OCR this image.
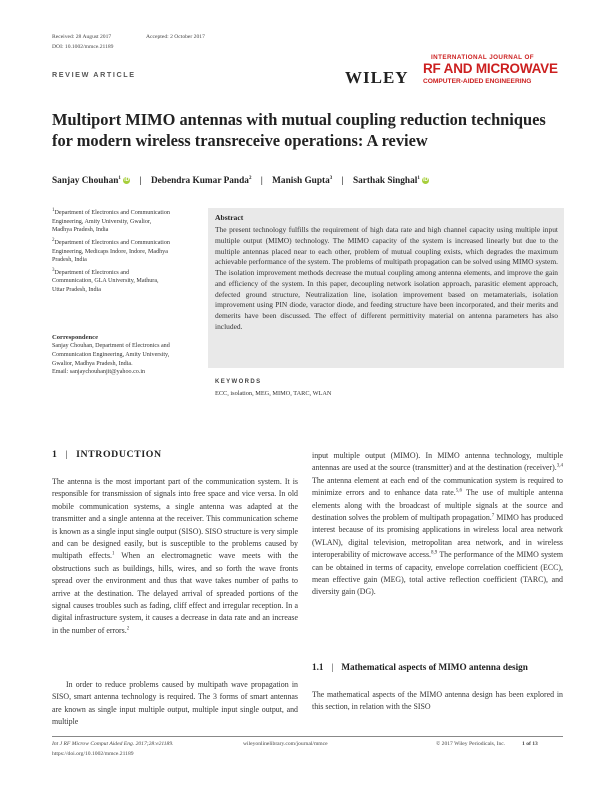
Received: 28 August 2017	Accepted: 2 October 2017
DOI: 10.1002/mmce.21189
REVIEW ARTICLE	WILEY
INTERNATIONAL JOURNAL OF
RF AND MICROWAVE
COMPUTER-AIDED ENGINEERING
Multiport MIMO antennas with mutual coupling reduction techniques for modern wireless transreceive operations: A review
Sanjay Chouhan$^1$ iD | Debendra Kumar Panda$^2$ | Manish Gupta$^3$ | Sarthak Singhal$^1$ iD
$^1$Department of Electronics and Communication Engineering, Amity University, Gwalior, Madhya Pradesh, India
$^2$Department of Electronics and Communication Engineering, Medicaps Indore, Indore, Madhya Pradesh, India
$^3$Department of Electronics and Communication, GLA University, Mathura, Uttar Pradesh, India
Correspondence
Sanjay Chouhan, Department of Electronics and Communication Engineering, Amity University, Gwalior, Madhya Pradesh, India.
Email: sanjaychouhanjit@yahoo.co.in
Abstract
The present technology fulfills the requirement of high data rate and high channel capacity using multiple input multiple output (MIMO) technology. The MIMO capacity of the system is increased linearly but due to the multiple antennas placed near to each other, problem of mutual coupling exists, which degrades the maximum achievable performance of the system. The problems of multipath propagation can be solved using MIMO system. The isolation improvement methods decrease the mutual coupling among antenna elements, and improve the gain and efficiency of the system. In this paper, decoupling network isolation approach, parasitic element approach, defected ground structure, Neutralization line, isolation improvement based on metamaterials, isolation improvement using PIN diode, varactor diode, and feeding structure have been incorporated, and their merits and demerits have been discussed. The effect of different permittivity material on antenna parameters has also included.
KEYWORDS
ECC, isolation, MEG, MIMO, TARC, WLAN
1 | INTRODUCTION
The antenna is the most important part of the communication system. It is responsible for transmission of signals into free space and vice versa. In old mobile communication systems, a single antenna was adapted at the transmitter and a single antenna at the receiver. This communication scheme is known as a single input single output (SISO). SISO structure is very simple and can be designed easily, but is susceptible to the problems caused by multipath effects.$^1$ When an electromagnetic wave meets with the obstructions such as buildings, hills, wires, and so forth the wave fronts spread over the environment and thus that wave takes number of paths to arrive at the destination. The delayed arrival of spreaded portions of the signal causes troubles such as fading, cliff effect and irregular reception. In a digital infrastructure system, it causes a decrease in data rate and an increase in the number of errors.$^2$
In order to reduce problems caused by multipath wave propagation in SISO, smart antenna technology is required. The 3 forms of smart antennas are known as single input multiple output, multiple input single output, and multiple
input multiple output (MIMO). In MIMO antenna technology, multiple antennas are used at the source (transmitter) and at the destination (receiver).$^{3,4}$ The antenna element at each end of the communication system is required to minimize errors and to enhance data rate.$^{5,6}$ The use of multiple antenna elements along with the broadcast of multiple signals at the source and destination solves the problem of multipath propagation.$^7$ MIMO has produced interest because of its promising applications in wireless local area network (WLAN), digital television, metropolitan area network, and in wireless interoperability of microwave access.$^{8,9}$ The performance of the MIMO system can be obtained in terms of capacity, envelope correlation coefficient (ECC), mean effective gain (MEG), total active reflection coefficient (TARC), and diversity gain (DG).
1.1 | Mathematical aspects of MIMO antenna design
The mathematical aspects of the MIMO antenna design has been explored in this section, in relation with the SISO
Int J RF Microw Comput Aided Eng. 2017;28:e21189.
https://doi.org/10.1002/mmce.21189
wileyonlinelibrary.com/journal/mmce	© 2017 Wiley Periodicals, Inc.	1 of 13
